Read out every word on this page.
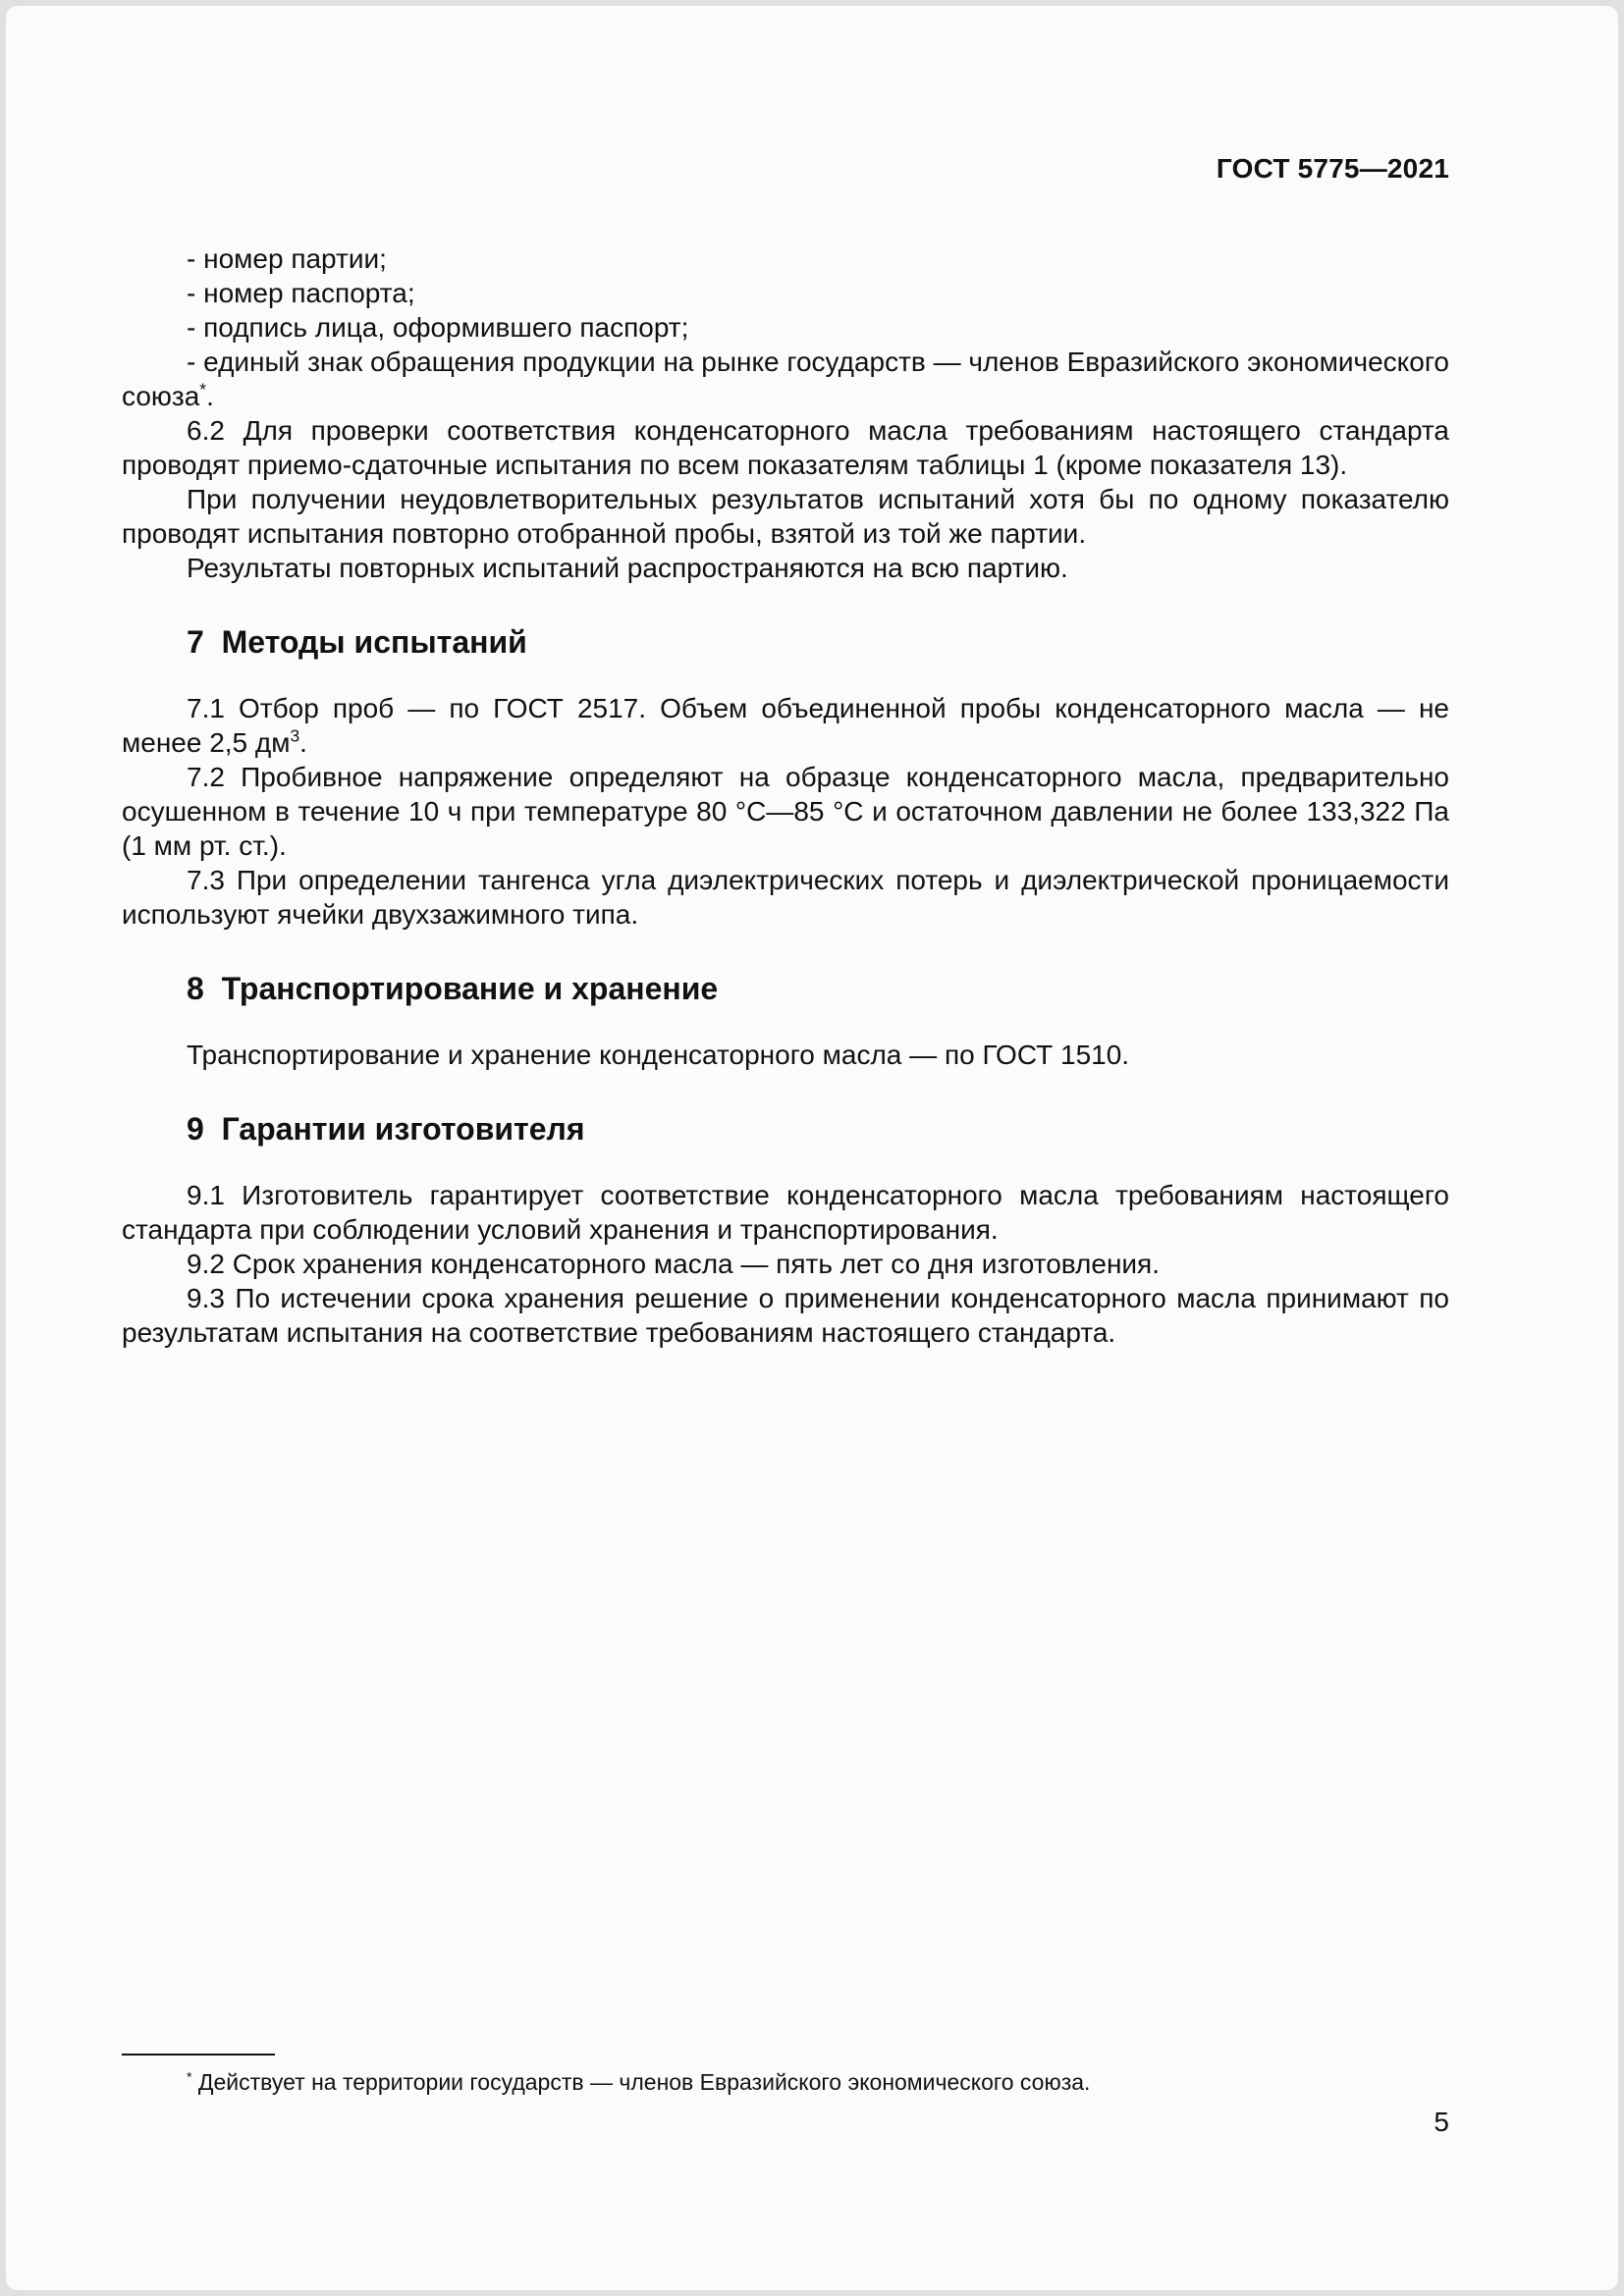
ГОСТ 5775—2021

- номер партии;

- номер паспорта;

- подпись лица, оформившего паспорт;

- единый знак обращения продукции на рынке государств — членов Евразийского экономического союза*.

6.2 Для проверки соответствия конденсаторного масла требованиям настоящего стандарта проводят приемо-сдаточные испытания по всем показателям таблицы 1 (кроме показателя 13).

При получении неудовлетворительных результатов испытаний хотя бы по одному показателю проводят испытания повторно отобранной пробы, взятой из той же партии.

Результаты повторных испытаний распространяются на всю партию.

7  Методы испытаний

7.1 Отбор проб — по ГОСТ 2517. Объем объединенной пробы конденсаторного масла — не менее 2,5 $дм^3$.

7.2 Пробивное напряжение определяют на образце конденсаторного масла, предварительно осушенном в течение 10 ч при температуре 80 °С—85 °С и остаточном давлении не более 133,322 Па (1 мм рт. ст.).

7.3 При определении тангенса угла диэлектрических потерь и диэлектрической проницаемости используют ячейки двухзажимного типа.

8  Транспортирование и хранение

Транспортирование и хранение конденсаторного масла — по ГОСТ 1510.

9  Гарантии изготовителя

9.1 Изготовитель гарантирует соответствие конденсаторного масла требованиям настоящего стандарта при соблюдении условий хранения и транспортирования.

9.2 Срок хранения конденсаторного масла — пять лет со дня изготовления.

9.3 По истечении срока хранения решение о применении конденсаторного масла принимают по результатам испытания на соответствие требованиям настоящего стандарта.

* Действует на территории государств — членов Евразийского экономического союза.

5
